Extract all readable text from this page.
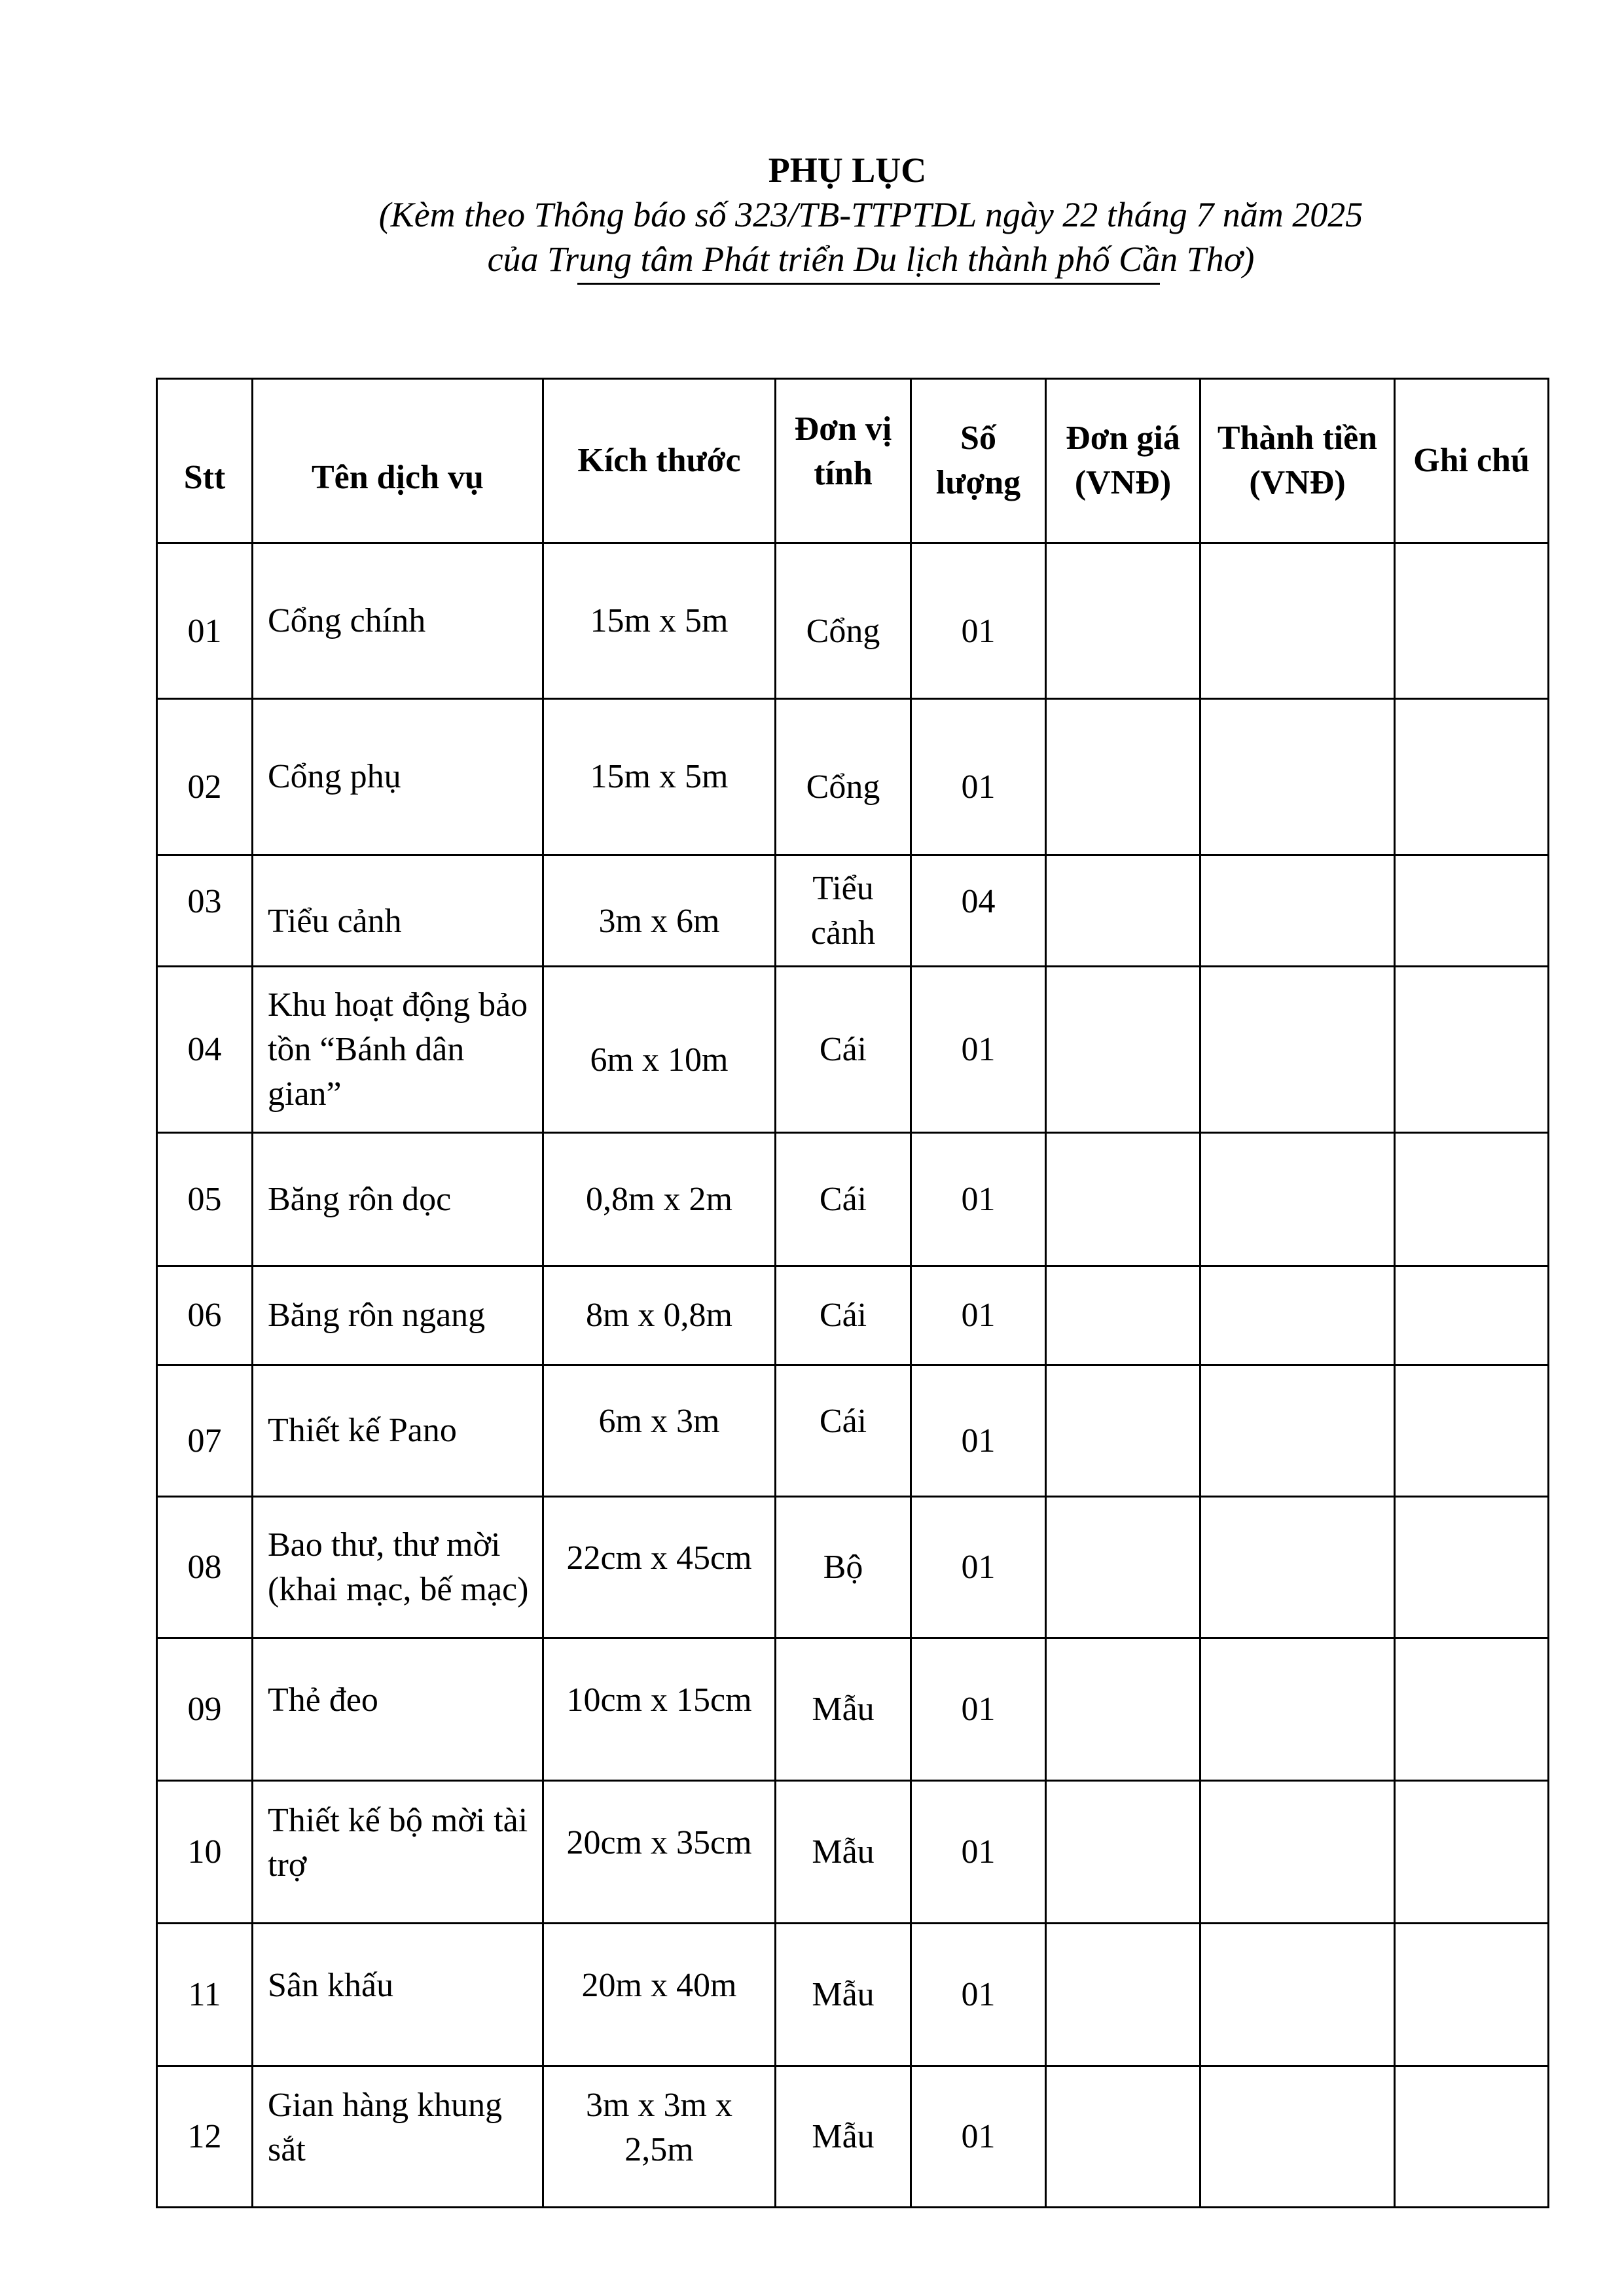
PHỤ LỤC
(Kèm theo Thông báo số 323/TB-TTPTDL ngày 22 tháng 7 năm 2025
của Trung tâm Phát triển Du lịch thành phố Cần Thơ)
Stt	Tên dịch vụ	Kích thước	Đơn vị tính	Số lượng	Đơn giá (VNĐ)	Thành tiền (VNĐ)	Ghi chú
01	Cổng chính	15m x 5m	Cổng	01			
02	Cổng phụ	15m x 5m	Cổng	01			
03	Tiểu cảnh	3m x 6m	Tiểu cảnh	04			
04	Khu hoạt động bảo tồn “Bánh dân gian”	6m x 10m	Cái	01			
05	Băng rôn dọc	0,8m x 2m	Cái	01			
06	Băng rôn ngang	8m x 0,8m	Cái	01			
07	Thiết kế Pano	6m x 3m	Cái	01			
08	Bao thư, thư mời (khai mạc, bế mạc)	22cm x 45cm	Bộ	01			
09	Thẻ đeo	10cm x 15cm	Mẫu	01			
10	Thiết kế bộ mời tài trợ	20cm x 35cm	Mẫu	01			
11	Sân khấu	20m x 40m	Mẫu	01			
12	Gian hàng khung sắt	3m x 3m x 2,5m	Mẫu	01			
